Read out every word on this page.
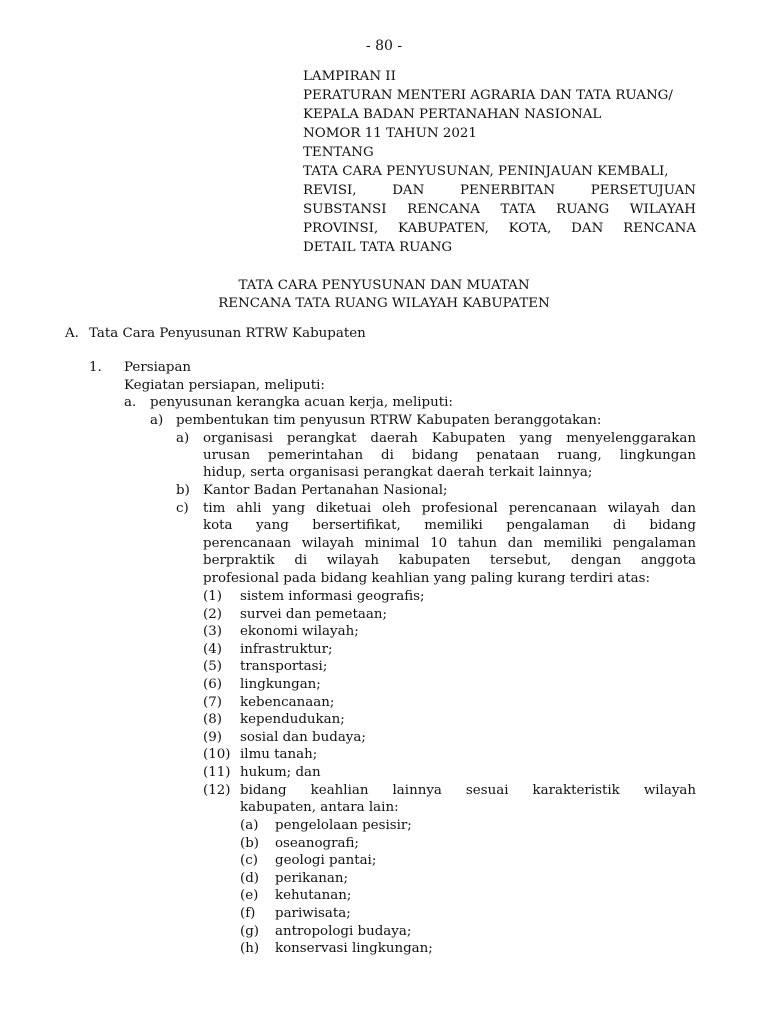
- 80 -
LAMPIRAN II
PERATURAN MENTERI AGRARIA DAN TATA RUANG/
KEPALA BADAN PERTANAHAN NASIONAL
NOMOR 11 TAHUN 2021
TENTANG
TATA CARA PENYUSUNAN, PENINJAUAN KEMBALI,
REVISI, DAN PENERBITAN PERSETUJUAN
SUBSTANSI RENCANA TATA RUANG WILAYAH
PROVINSI, KABUPATEN, KOTA, DAN RENCANA
DETAIL TATA RUANG
TATA CARA PENYUSUNAN DAN MUATAN
RENCANA TATA RUANG WILAYAH KABUPATEN
A. Tata Cara Penyusunan RTRW Kabupaten
1. Persiapan
Kegiatan persiapan, meliputi:
a. penyusunan kerangka acuan kerja, meliputi:
a) pembentukan tim penyusun RTRW Kabupaten beranggotakan:
a) organisasi perangkat daerah Kabupaten yang menyelenggarakan
urusan pemerintahan di bidang penataan ruang, lingkungan
hidup, serta organisasi perangkat daerah terkait lainnya;
b) Kantor Badan Pertanahan Nasional;
c) tim ahli yang diketuai oleh profesional perencanaan wilayah dan
kota yang bersertifikat, memiliki pengalaman di bidang
perencanaan wilayah minimal 10 tahun dan memiliki pengalaman
berpraktik di wilayah kabupaten tersebut, dengan anggota
profesional pada bidang keahlian yang paling kurang terdiri atas:
(1) sistem informasi geografis;
(2) survei dan pemetaan;
(3) ekonomi wilayah;
(4) infrastruktur;
(5) transportasi;
(6) lingkungan;
(7) kebencanaan;
(8) kependudukan;
(9) sosial dan budaya;
(10) ilmu tanah;
(11) hukum; dan
(12) bidang keahlian lainnya sesuai karakteristik wilayah
kabupaten, antara lain:
(a) pengelolaan pesisir;
(b) oseanografi;
(c) geologi pantai;
(d) perikanan;
(e) kehutanan;
(f) pariwisata;
(g) antropologi budaya;
(h) konservasi lingkungan;
